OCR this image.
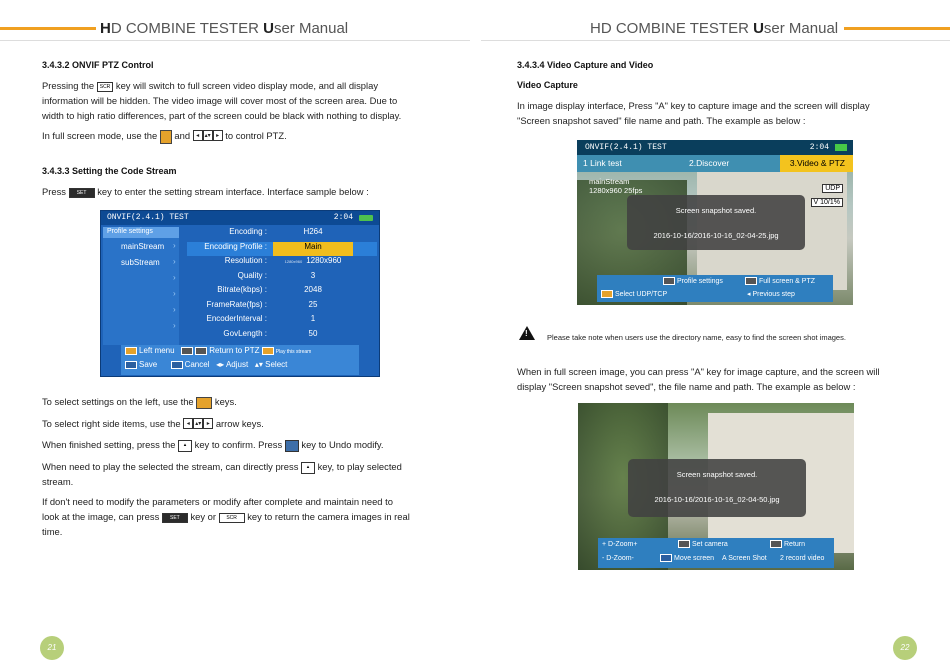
HD COMBINE TESTER User Manual
3.4.3.2 ONVIF PTZ Control
Pressing the SCR key will switch to full screen video display mode, and all display
information will be hidden. The video image will cover most of the screen area. Due to
width to high ratio differences, part of the screen could be black with nothing to display.
In full screen mode, use the and ◂ ▴▾ ▸ to control PTZ.
3.4.3.3 Setting the Code Stream
Press SET key to enter the setting stream interface. Interface sample below :
ONVIF(2.4.1) TEST	2:04
Profile settings
mainStream ›
subStream ›
›
›
›
›
Encoding :	H264
Encoding Profile :	Main
Resolution :	1280x960 1280x960
Quality :	3
Bitrate(kbps) :	2048
FrameRate(fps) :	25
EncoderInterval :	1
GovLength :	50
Left menu	Return to PTZ	Play this stream
Save	Cancel   ◂▸ Adjust   ▴▾ Select
To select settings on the left, use the keys.
To select right side items, use the ◂ ▴▾ ▸ arrow keys.
When finished setting, press the ▴ key to confirm. Press key to Undo modify.
When need to play the selected the stream, can directly press ▴ key, to play selected
stream.
If don't need to modify the parameters or modify after complete and maintain need to
look at the image, can press SET key or SCR key to return the camera images in real
time.
21
HD COMBINE TESTER User Manual
3.4.3.4 Video Capture and Video
Video Capture
In image display interface, Press "A" key to capture image and the screen will display
"Screen snapshot saved" file name and path. The example as below :
!
Please take note when users use the directory name, easy to find the screen shot images.
When in full screen image, you can press "A" key for image capture, and the screen will
display "Screen snapshot seved", the file name and path. The example as below :
22
ONVIF(2.4.1) TEST	2:04
1 Link test	2.Discover	3.Video & PTZ
mainStream
1280x960 25fps	UDP
V 10/1%
Screen snapshot saved.
2016-10-16/2016-10-16_02-04-25.jpg
Profile settings	Full screen & PTZ
Select UDP/TCP	◂ Previous step
Screen snapshot saved.
2016-10-16/2016-10-16_02-04-50.jpg
+ D-Zoom+	Set camera	Return
- D-Zoom-	Move screen A Screen Shot 2 record video
